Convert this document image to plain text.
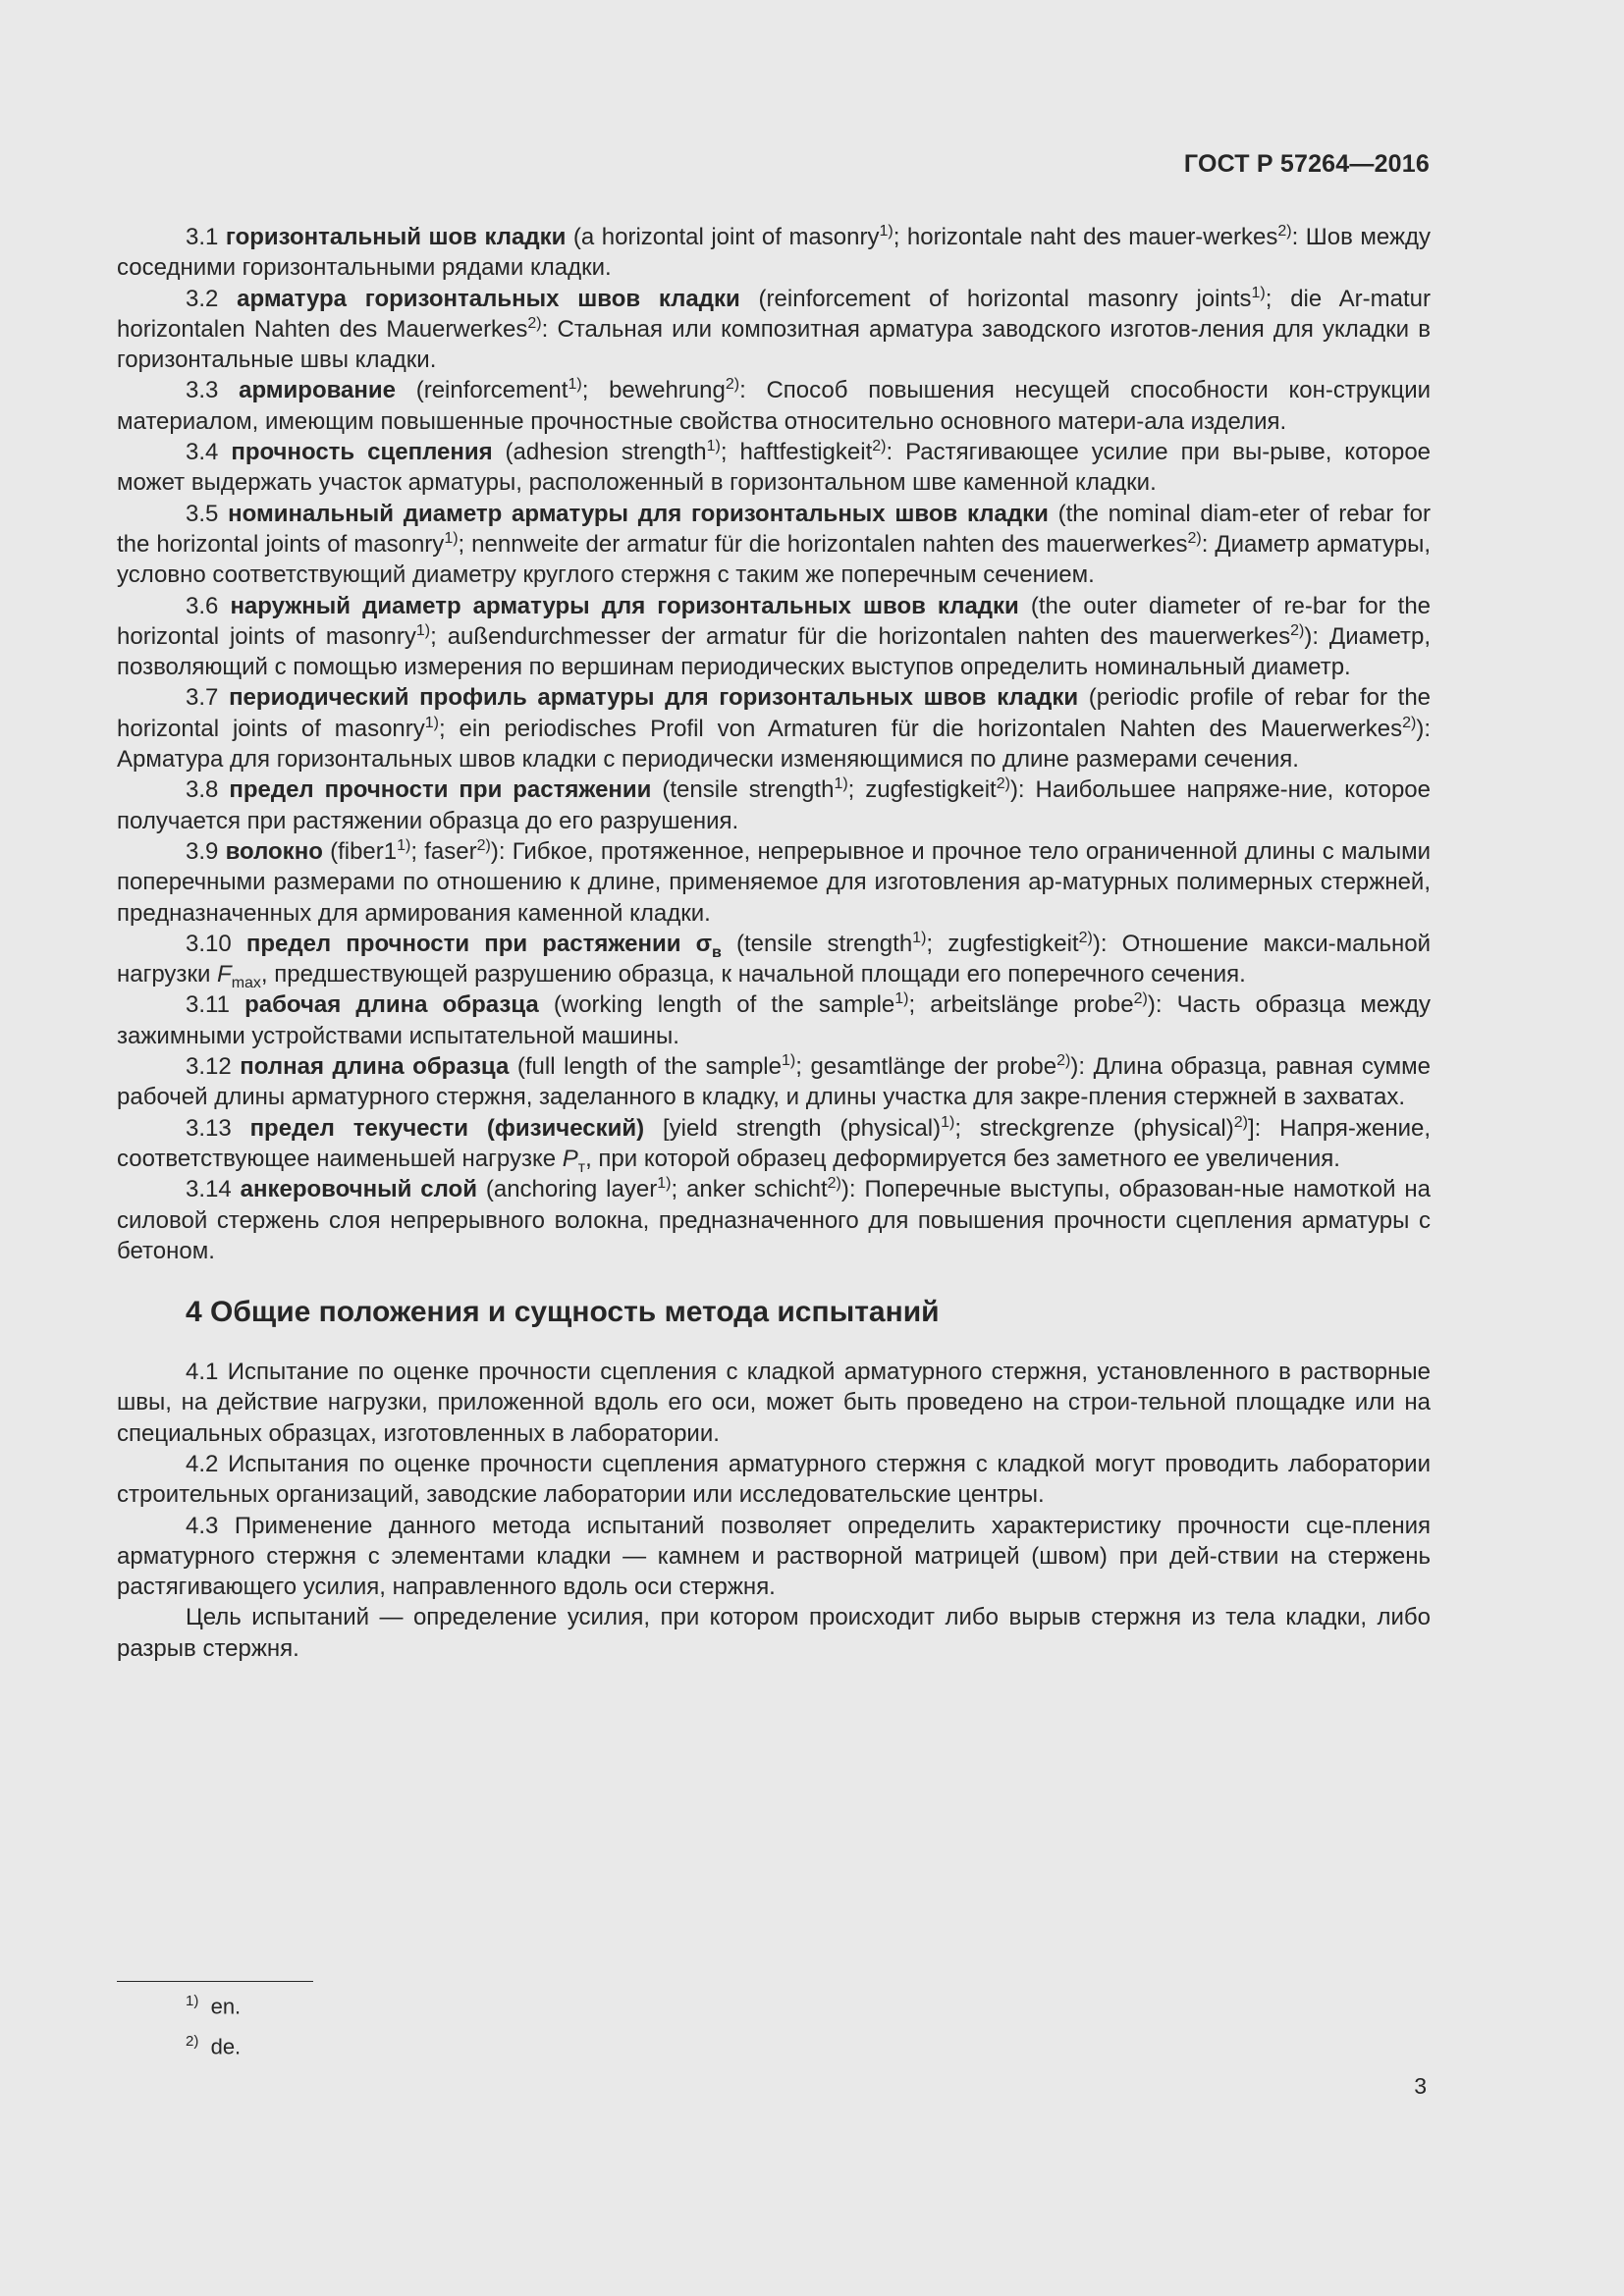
ГОСТ Р 57264—2016

3.1 горизонтальный шов кладки (a horizontal joint of masonry$^{1)}$; horizontale naht des mauer-werkes$^{2)}$: Шов между соседними горизонтальными рядами кладки.

3.2 арматура горизонтальных швов кладки (reinforcement of horizontal masonry joints$^{1)}$; die Ar-matur horizontalen Nahten des Mauerwerkes$^{2)}$: Стальная или композитная арматура заводского изготов-ления для укладки в горизонтальные швы кладки.

3.3 армирование (reinforcement$^{1)}$; bewehrung$^{2)}$: Способ повышения несущей способности кон-струкции материалом, имеющим повышенные прочностные свойства относительно основного матери-ала изделия.

3.4 прочность сцепления (adhesion strength$^{1)}$; haftfestigkeit$^{2)}$: Растягивающее усилие при вы-рыве, которое может выдержать участок арматуры, расположенный в горизонтальном шве каменной кладки.

3.5 номинальный диаметр арматуры для горизонтальных швов кладки (the nominal diam-eter of rebar for the horizontal joints of masonry$^{1)}$; nennweite der armatur für die horizontalen nahten des mauerwerkes$^{2)}$: Диаметр арматуры, условно соответствующий диаметру круглого стержня с таким же поперечным сечением.

3.6 наружный диаметр арматуры для горизонтальных швов кладки (the outer diameter of re-bar for the horizontal joints of masonry$^{1)}$; außendurchmesser der armatur für die horizontalen nahten des mauerwerkes$^{2)}$): Диаметр, позволяющий с помощью измерения по вершинам периодических выступов определить номинальный диаметр.

3.7 периодический профиль арматуры для горизонтальных швов кладки (periodic profile of rebar for the horizontal joints of masonry$^{1)}$; ein periodisches Profil von Armaturen für die horizontalen Nahten des Mauerwerkes$^{2)}$): Арматура для горизонтальных швов кладки с периодически изменяющимися по длине размерами сечения.

3.8 предел прочности при растяжении (tensile strength$^{1)}$; zugfestigkeit$^{2)}$): Наибольшее напряже-ние, которое получается при растяжении образца до его разрушения.

3.9 волокно (fiber1$^{1)}$; faser$^{2)}$): Гибкое, протяженное, непрерывное и прочное тело ограниченной длины с малыми поперечными размерами по отношению к длине, применяемое для изготовления ар-матурных полимерных стержней, предназначенных для армирования каменной кладки.

3.10 предел прочности при растяжении $\sigma_в$ (tensile strength$^{1)}$; zugfestigkeit$^{2)}$): Отношение макси-мальной нагрузки $F_{max}$, предшествующей разрушению образца, к начальной площади его поперечного сечения.

3.11 рабочая длина образца (working length of the sample$^{1)}$; arbeitslänge probe$^{2)}$): Часть образца между зажимными устройствами испытательной машины.

3.12 полная длина образца (full length of the sample$^{1)}$; gesamtlänge der probe$^{2)}$): Длина образца, равная сумме рабочей длины арматурного стержня, заделанного в кладку, и длины участка для закре-пления стержней в захватах.

3.13 предел текучести (физический) [yield strength (physical)$^{1)}$; streckgrenze (physical)$^{2)}$]: Напря-жение, соответствующее наименьшей нагрузке $P_т$, при которой образец деформируется без заметного ее увеличения.

3.14 анкеровочный слой (anchoring layer$^{1)}$; anker schicht$^{2)}$): Поперечные выступы, образован-ные намоткой на силовой стержень слоя непрерывного волокна, предназначенного для повышения прочности сцепления арматуры с бетоном.

4 Общие положения и сущность метода испытаний

4.1 Испытание по оценке прочности сцепления с кладкой арматурного стержня, установленного в растворные швы, на действие нагрузки, приложенной вдоль его оси, может быть проведено на строи-тельной площадке или на специальных образцах, изготовленных в лаборатории.

4.2 Испытания по оценке прочности сцепления арматурного стержня с кладкой могут проводить лаборатории строительных организаций, заводские лаборатории или исследовательские центры.

4.3 Применение данного метода испытаний позволяет определить характеристику прочности сце-пления арматурного стержня с элементами кладки — камнем и растворной матрицей (швом) при дей-ствии на стержень растягивающего усилия, направленного вдоль оси стержня.

Цель испытаний — определение усилия, при котором происходит либо вырыв стержня из тела кладки, либо разрыв стержня.

$^{1)}$ en.
$^{2)}$ de.
3
